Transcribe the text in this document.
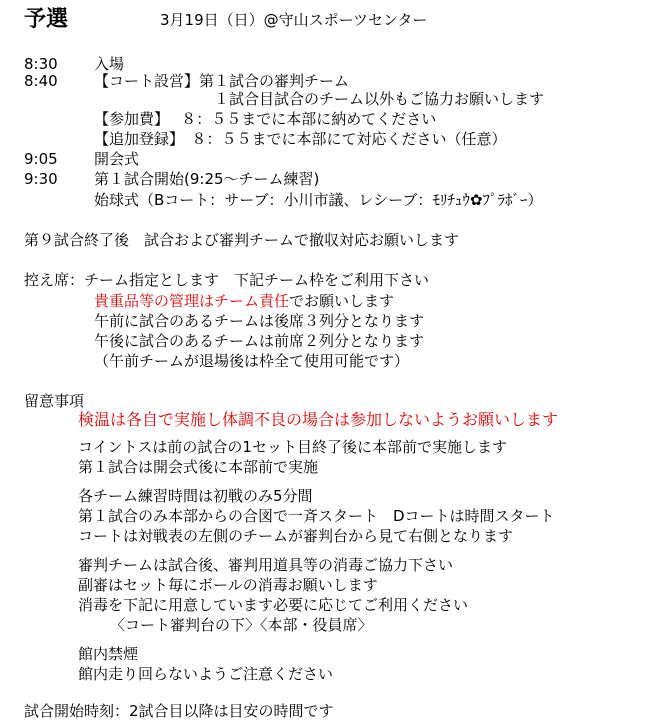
予選	3月19日（日）@守山スポーツセンター
8:30 入場
8:40 【コート設営】第１試合の審判チーム
１試合目試合のチーム以外もご協力お願いします
【参加費】　 ８：５５までに本部に納めてください
【追加登録】　８：５５までに本部にて対応ください（任意）
9:05 開会式
9:30 第１試合開始(9:25～チーム練習)
始球式（Bコート：サーブ：小川市議、レシーブ：ﾓﾘﾁｭｳ✿ﾌﾟﾗﾎﾞｰ）
第９試合終了後　試合および審判チームで撤収対応お願いします
控え席：チーム指定とします　下記チーム枠をご利用下さい
貴重品等の管理はチーム責任でお願いします
午前に試合のあるチームは後席３列分となります
午後に試合のあるチームは前席２列分となります
（午前チームが退場後は枠全て使用可能です）
留意事項
検温は各自で実施し体調不良の場合は参加しないようお願いします
コイントスは前の試合の1セット目終了後に本部前で実施します
第１試合は開会式後に本部前で実施
各チーム練習時間は初戦のみ5分間
第１試合のみ本部からの合図で一斉スタート　Dコートは時間スタート
コートは対戦表の左側のチームが審判台から見て右側となります
審判チームは試合後、審判用道具等の消毒ご協力下さい
副審はセット毎にボールの消毒お願いします
消毒を下記に用意しています必要に応じてご利用ください
〈コート審判台の下〉〈本部・役員席〉
館内禁煙
館内走り回らないようご注意ください
試合開始時刻：2試合目以降は目安の時間です
